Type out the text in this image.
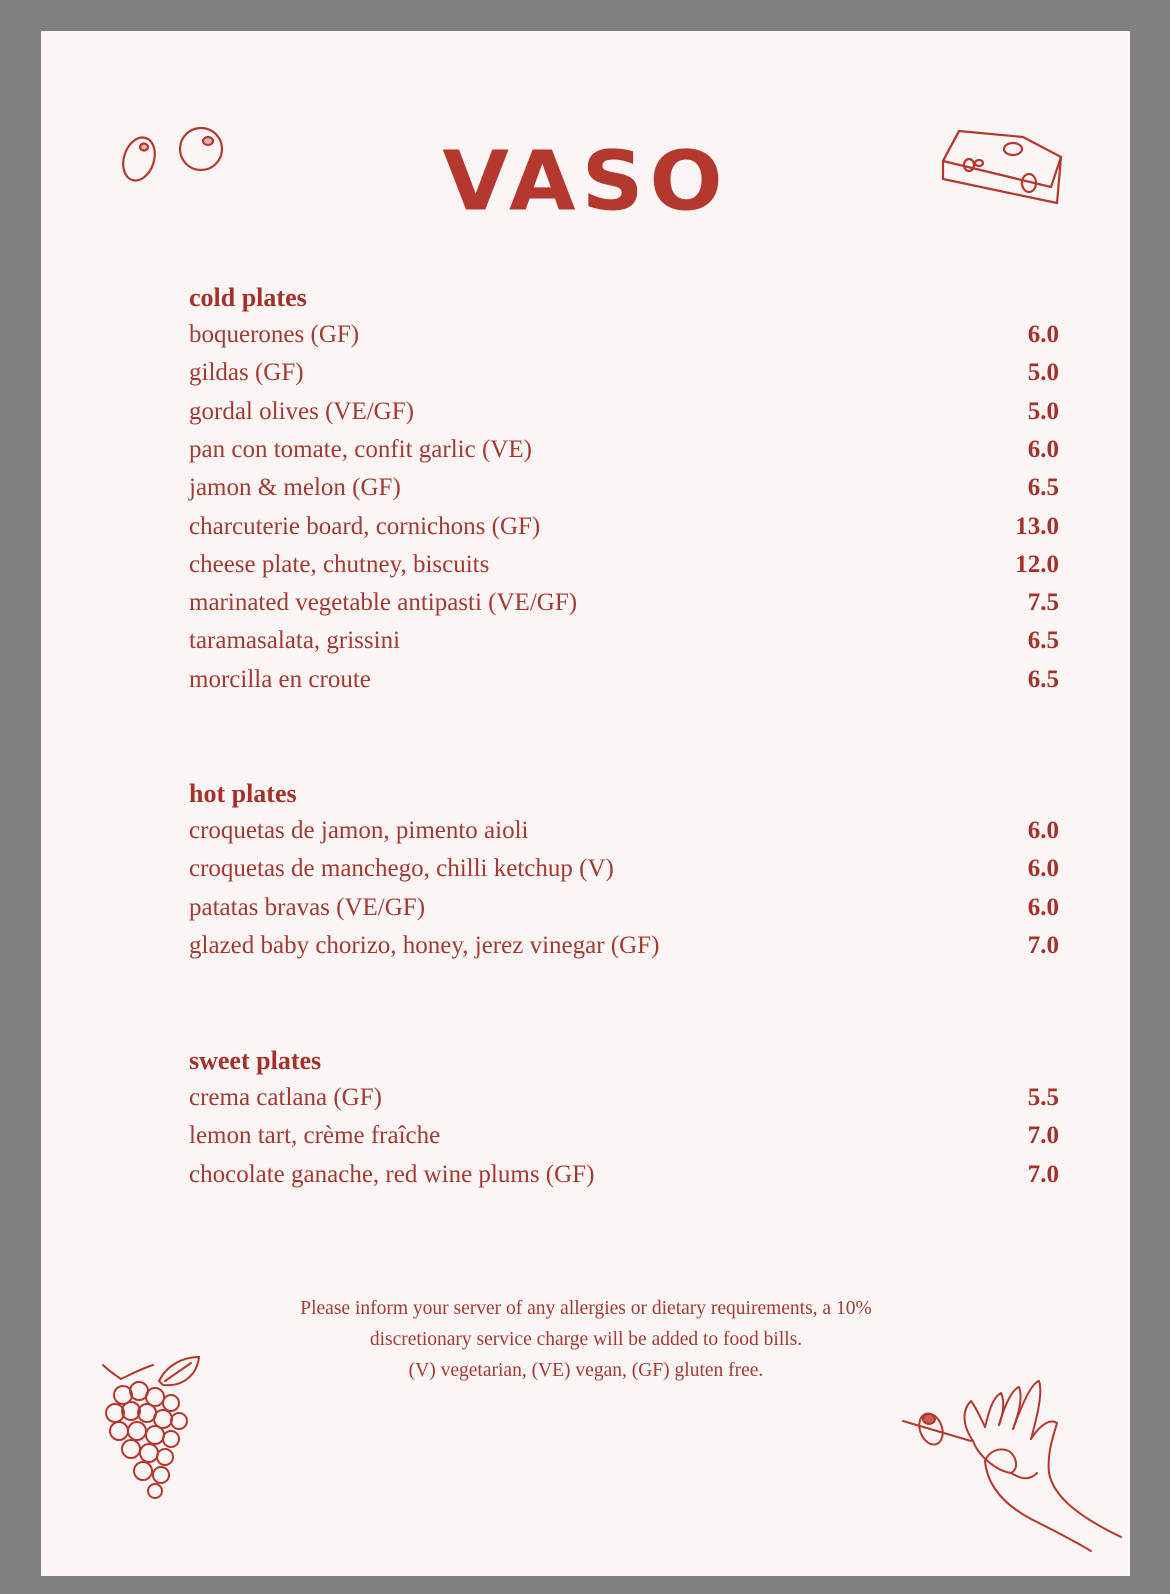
VASO
cold plates
boquerones (GF)	6.0
gildas (GF)	5.0
gordal olives (VE/GF)	5.0
pan con tomate, confit garlic (VE)	6.0
jamon & melon (GF)	6.5
charcuterie board, cornichons (GF)	13.0
cheese plate, chutney, biscuits	12.0
marinated vegetable antipasti (VE/GF)	7.5
taramasalata, grissini	6.5
morcilla en croute	6.5
hot plates
croquetas de jamon, pimento aioli	6.0
croquetas de manchego, chilli ketchup (V)	6.0
patatas bravas (VE/GF)	6.0
glazed baby chorizo, honey, jerez vinegar (GF)	7.0
sweet plates
crema catlana (GF)	5.5
lemon tart, crème fraîche	7.0
chocolate ganache, red wine plums (GF)	7.0
Please inform your server of any allergies or dietary requirements, a 10%
discretionary service charge will be added to food bills.
(V) vegetarian, (VE) vegan, (GF) gluten free.
